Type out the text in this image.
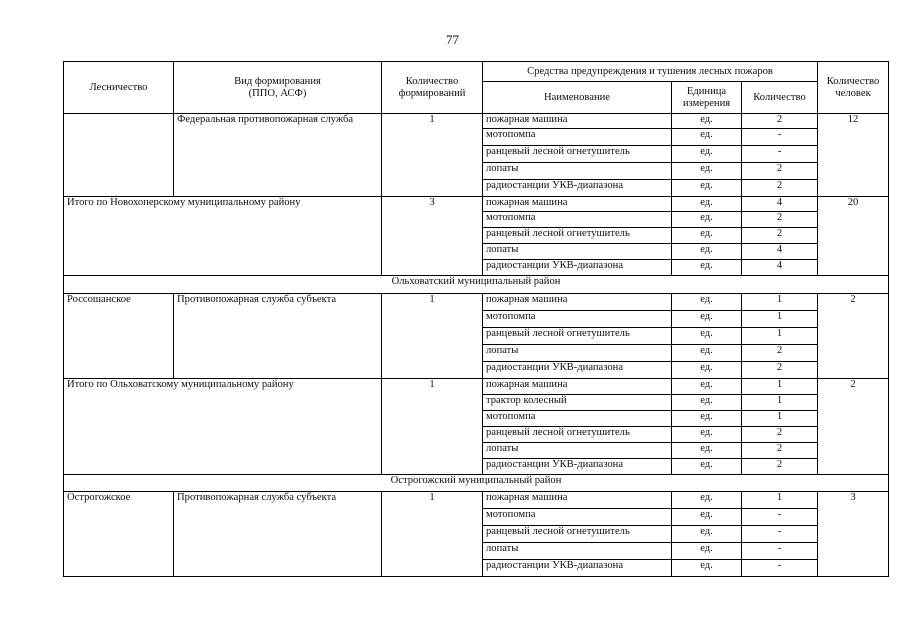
77
Лесничество	Вид формирования (ППО, АСФ)	Количество формирований	Средства предупреждения и тушения лесных пожаров			Количество человек
			Наименование	Единица измерения	Количество	
	Федеральная противопожарная служба	1	пожарная машина	ед.	2	12
			мотопомпа	ед.	-	
			ранцевый лесной огнетушитель	ед.	-	
			лопаты	ед.	2	
			радиостанции УКВ-диапазона	ед.	2	
Итого по Новохоперскому муниципальному району		3	пожарная машина	ед.	4	20
			мотопомпа	ед.	2	
			ранцевый лесной огнетушитель	ед.	2	
			лопаты	ед.	4	
			радиостанции УКВ-диапазона	ед.	4	
Ольховатский муниципальный район						
Россошанское	Противопожарная служба субъекта	1	пожарная машина	ед.	1	2
			мотопомпа	ед.	1	
			ранцевый лесной огнетушитель	ед.	1	
			лопаты	ед.	2	
			радиостанции УКВ-диапазона	ед.	2	
Итого по Ольховатскому муниципальному району		1	пожарная машина	ед.	1	2
			трактор колесный	ед.	1	
			мотопомпа	ед.	1	
			ранцевый лесной огнетушитель	ед.	2	
			лопаты	ед.	2	
			радиостанции УКВ-диапазона	ед.	2	
Острогожский муниципальный район						
Острогожское	Противопожарная служба субъекта	1	пожарная машина	ед.	1	3
			мотопомпа	ед.	-	
			ранцевый лесной огнетушитель	ед.	-	
			лопаты	ед.	-	
			радиостанции УКВ-диапазона	ед.	-	
